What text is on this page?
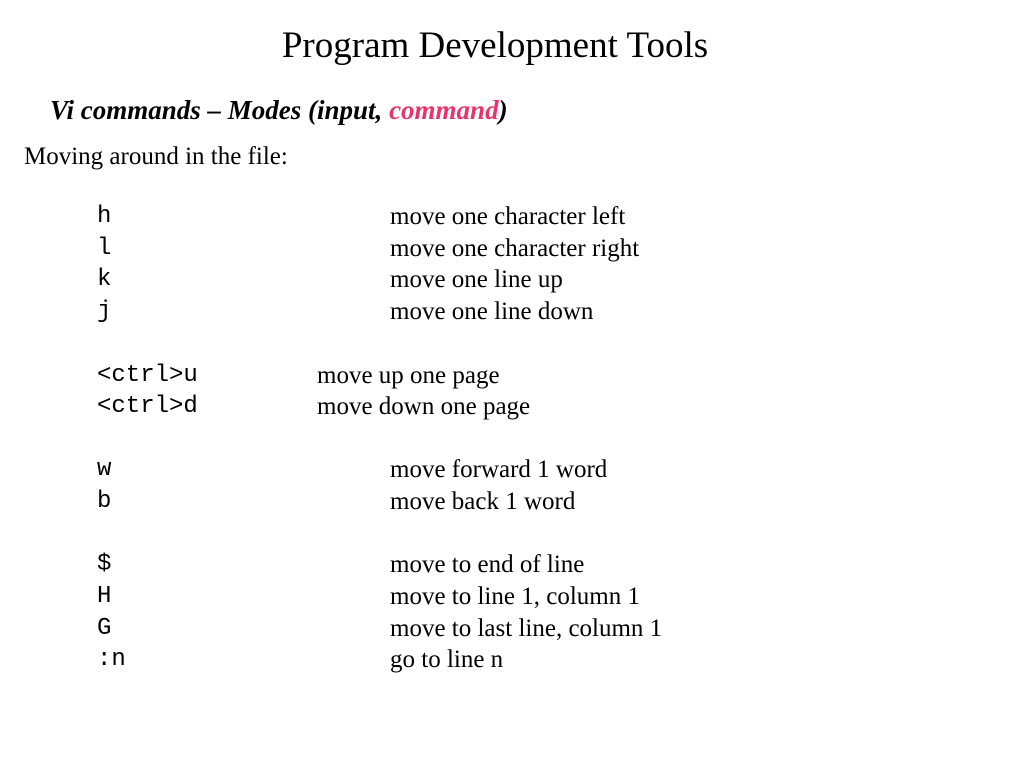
Program Development Tools
Vi commands – Modes (input, command)
Moving around in the file:
h	move one character left
l	move one character right
k	move one line up
j	move one line down
<ctrl>u	move up one page
<ctrl>d	move down one page
w	move forward 1 word
b	move back 1 word
$	move to end of line
H	move to line 1, column 1
G	move to last line, column 1
:n	go to line n
